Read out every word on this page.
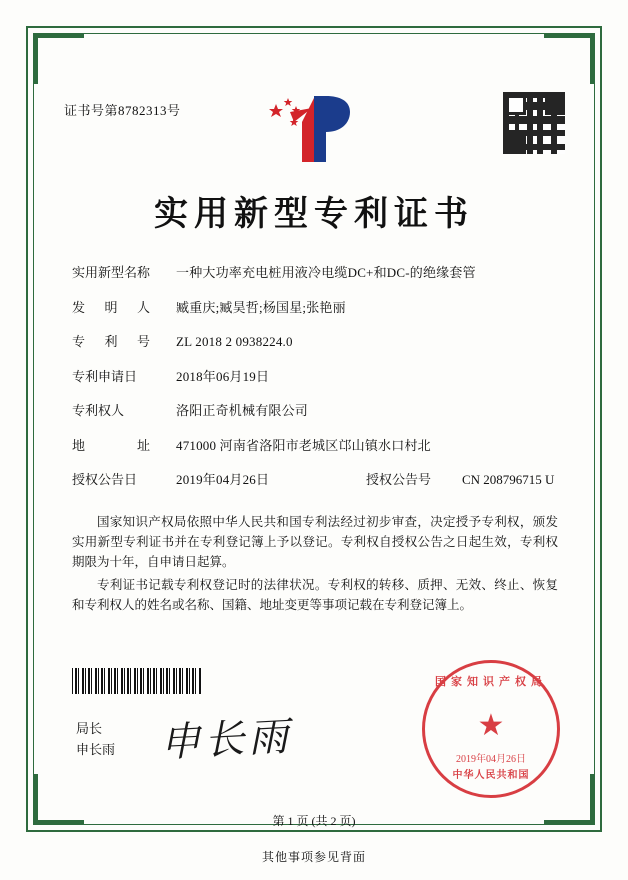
证书号第8782313号
实用新型专利证书
实用新型名称	一种大功率充电桩用液冷电缆DC+和DC-的绝缘套管
发明人	臧重庆;臧昊哲;杨国星;张艳丽
专利号	ZL 2018 2 0938224.0
专利申请日	2018年06月19日
专利权人	洛阳正奇机械有限公司
地址	471000 河南省洛阳市老城区邙山镇水口村北
授权公告日	2019年04月26日	授权公告号	CN 208796715 U

国家知识产权局依照中华人民共和国专利法经过初步审查，决定授予专利权，颁发实用新型专利证书并在专利登记簿上予以登记。专利权自授权公告之日起生效，专利权期限为十年，自申请日起算。

专利证书记载专利权登记时的法律状况。专利权的转移、质押、无效、终止、恢复和专利权人的姓名或名称、国籍、地址变更等事项记载在专利登记簿上。

局长
申长雨 申长雨
国家知识产权局
★
2019年04月26日
中华人民共和国
第 1 页 (共 2 页)
其他事项参见背面
